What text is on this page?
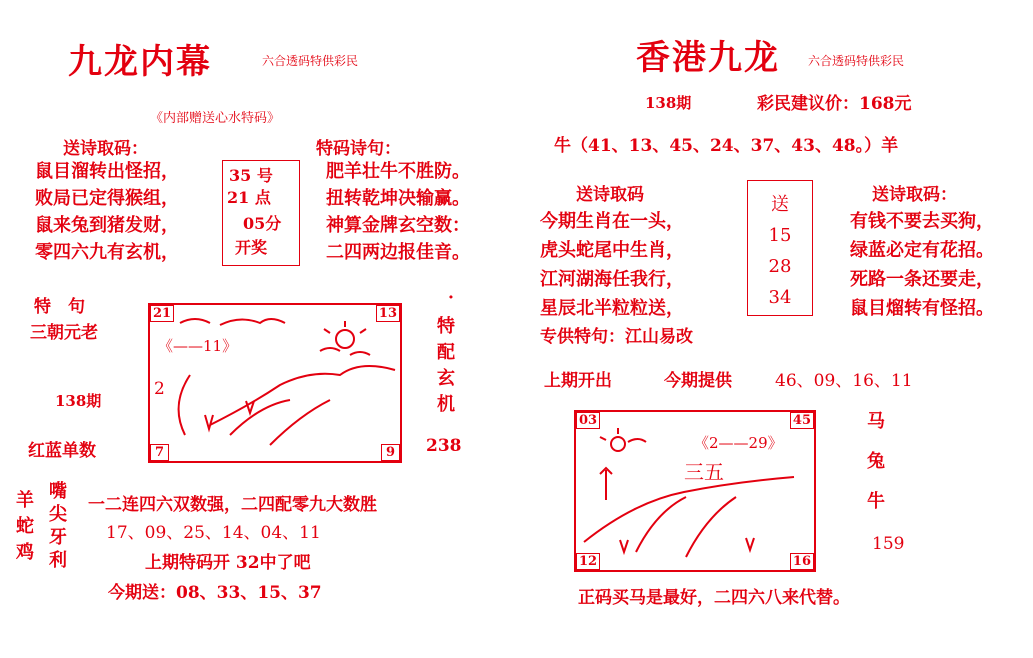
九龙内幕	六合透码特供彩民
《内部赠送心水特码》
送诗取码：
鼠目溜转出怪招，
败局已定得猴组，
鼠来兔到猪发财，
零四六九有玄机，
35 号
21 点
05分
开奖
特码诗句：
肥羊壮牛不胜防。
扭转乾坤决输赢。
神算金牌玄空数：
二四两边报佳音。
特　句
三朝元老
138期
红蓝单数	238
·
特
配
玄
机
21	13
7	9
2
《——11》
羊
蛇
鸡
嘴
尖
牙
利
一二连四六双数强，二四配零九大数胜
17、09、25、14、04、11
上期特码开 32中了吧
今期送：08、33、15、37
香港九龙 六合透码特供彩民
138期	彩民建议价：168元
牛（41、13、45、24、37、43、48。）羊
送诗取码
今期生肖在一头，
虎头蛇尾中生肖，
江河湖海任我行，
星辰北半粒粒送，
专供特句：江山易改
送
15
28
34
送诗取码：
有钱不要去买狗，
绿蓝必定有花招。
死路一条还要走，
鼠目熘转有怪招。
上期开出	今期提供	46、09、16、11
03	45
12	16
《2——29》
三五
马
兔
牛
159
正码买马是最好，二四六八来代替。
